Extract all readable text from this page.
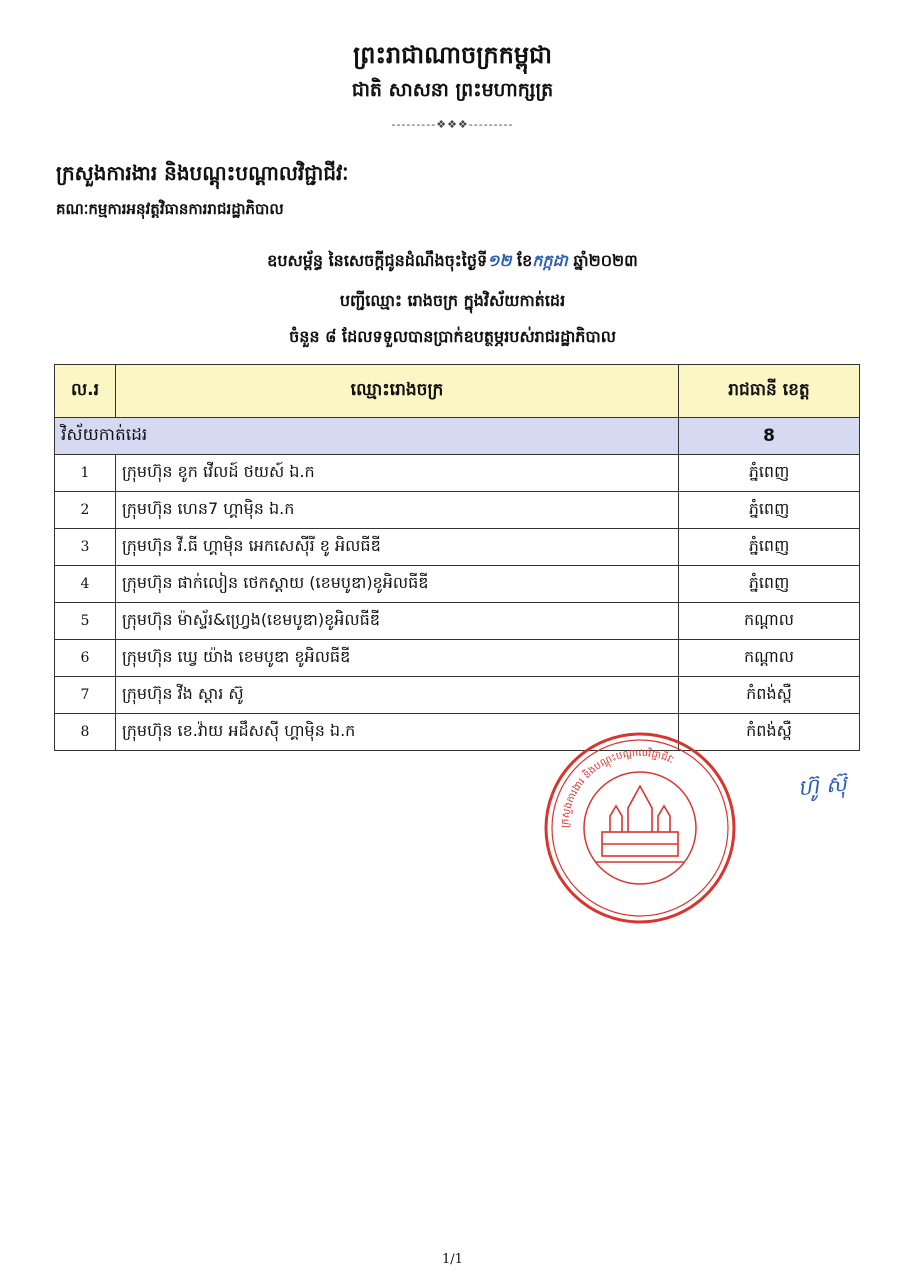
ព្រះរាជាណាចក្រកម្ពុជា
ជាតិ សាសនា ព្រះមហាក្សត្រ
---------❖❖❖---------
ក្រសួងការងារ និងបណ្តុះបណ្តាលវិជ្ជាជីវៈ
គណៈកម្មការអនុវត្តវិធានការរាជរដ្ឋាភិបាល
ឧបសម្ព័ន្ធ នៃសេចក្តីជូនដំណឹងចុះថ្ងៃទី១២ ខែកក្កដា ឆ្នាំ២០២៣
បញ្ជីឈ្មោះ រោងចក្រ ក្នុងវិស័យកាត់ដេរ
ចំនួន ៨ ដែលទទួលបានប្រាក់ឧបត្ថម្ភរបស់រាជរដ្ឋាភិបាល
ល.រ	ឈ្មោះរោងចក្រ	រាជធានី ខេត្ត
វិស័យកាត់ដេរ		8
1	ក្រុមហ៊ុន ខូក វើលដ៍ ថយស៍ ឯ.ក	ភ្នំពេញ
2	ក្រុមហ៊ុន ហេន7 ហ្គាម៉ិន ឯ.ក	ភ្នំពេញ
3	ក្រុមហ៊ុន វី.ធី ហ្គាម៉ិន អេកសេស៊ីរី ខូ អិលធីឌី	ភ្នំពេញ
4	ក្រុមហ៊ុន ផាក់លៀន ថេកស្តាយ (ខេមបូឌា)ខូអិលធីឌី	ភ្នំពេញ
5	ក្រុមហ៊ុន ម៉ាស្ទ័រ&ហ្វ្រេង(ខេមបូឌា)ខូអិលធីឌី	កណ្តាល
6	ក្រុមហ៊ុន ឃ្វេ យ៉ាង ខេមបូឌា ខូអិលធីឌី	កណ្តាល
7	ក្រុមហ៊ុន វីង ស្តារ ស៊ូ	កំពង់ស្ពឺ
8	ក្រុមហ៊ុន ខេ.វ៉ាយ អដឹសស៊ី ហ្គាម៉ិន ឯ.ក	កំពង់ស្ពឺ
ក្រសួងការងារ និងបណ្តុះបណ្តាលវិជ្ជាជីវៈ
ហ៊ូ ស៊ុ
1/1
